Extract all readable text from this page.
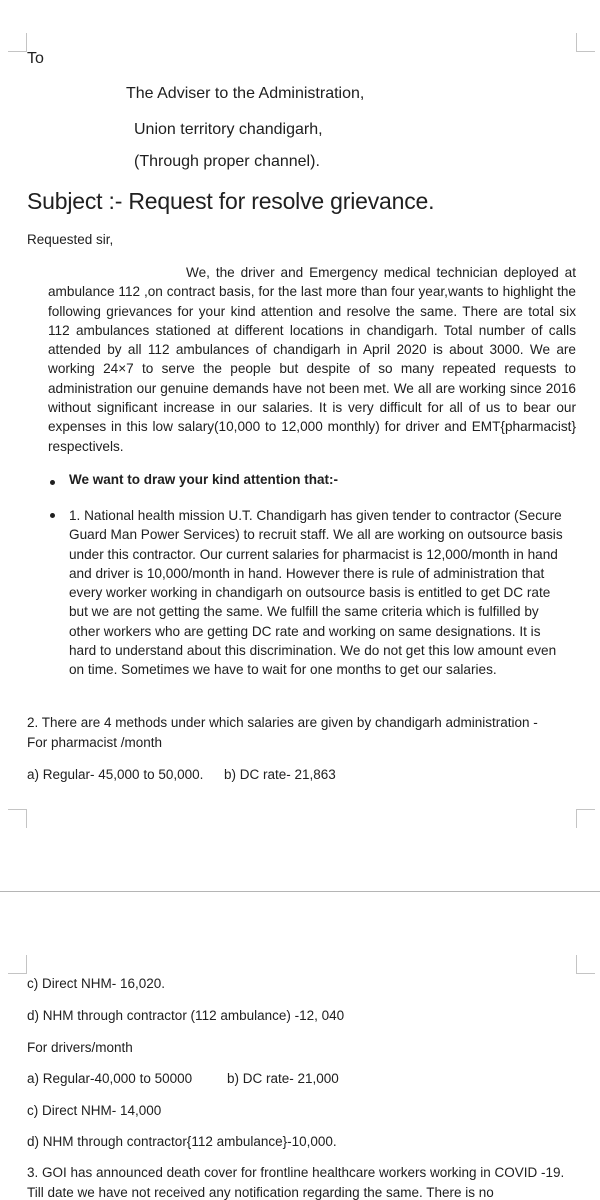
To

The Adviser to the Administration,

Union territory chandigarh,

(Through proper channel).

Subject :- Request for resolve grievance.

Requested sir,

We, the driver and Emergency medical technician deployed at ambulance 112 ,on contract basis, for the last more than four year,wants to highlight the following grievances for your kind attention and resolve the same. There are total six 112 ambulances stationed at different locations in chandigarh. Total number of calls attended by all 112 ambulances of chandigarh in April 2020 is about 3000. We are working 24×7 to serve the people but despite of so many repeated requests to administration our genuine demands have not been met. We all are working since 2016 without significant increase in our salaries. It is very difficult for all of us to bear our expenses in this low salary(10,000 to 12,000 monthly) for driver and EMT{pharmacist} respectivels.

We want to draw your kind attention that:-

1. National health mission U.T. Chandigarh has given tender to contractor (Secure Guard Man Power Services) to recruit staff. We all are working on outsource basis under this contractor. Our current salaries for pharmacist is 12,000/month in hand and driver is 10,000/month in hand. However there is rule of administration that every worker working in chandigarh on outsource basis is entitled to get DC rate but we are not getting the same. We fulfill the same criteria which is fulfilled by other workers who are getting DC rate and working on same designations. It is hard to understand about this discrimination. We do not get this low amount even on time. Sometimes we have to wait for one months to get our salaries.

2. There are 4 methods under which salaries are given by chandigarh administration -

For pharmacist /month

a) Regular- 45,000 to 50,000. b) DC rate- 21,863

c) Direct NHM- 16,020.

d) NHM through contractor (112 ambulance) -12, 040

For drivers/month

a) Regular-40,000 to 50000	b) DC rate- 21,000

c) Direct NHM- 14,000

d) NHM through contractor{112 ambulance}-10,000.

3. GOI has announced death cover for frontline healthcare workers working in COVID -19.

Till date we have not received any notification regarding the same. There is no
